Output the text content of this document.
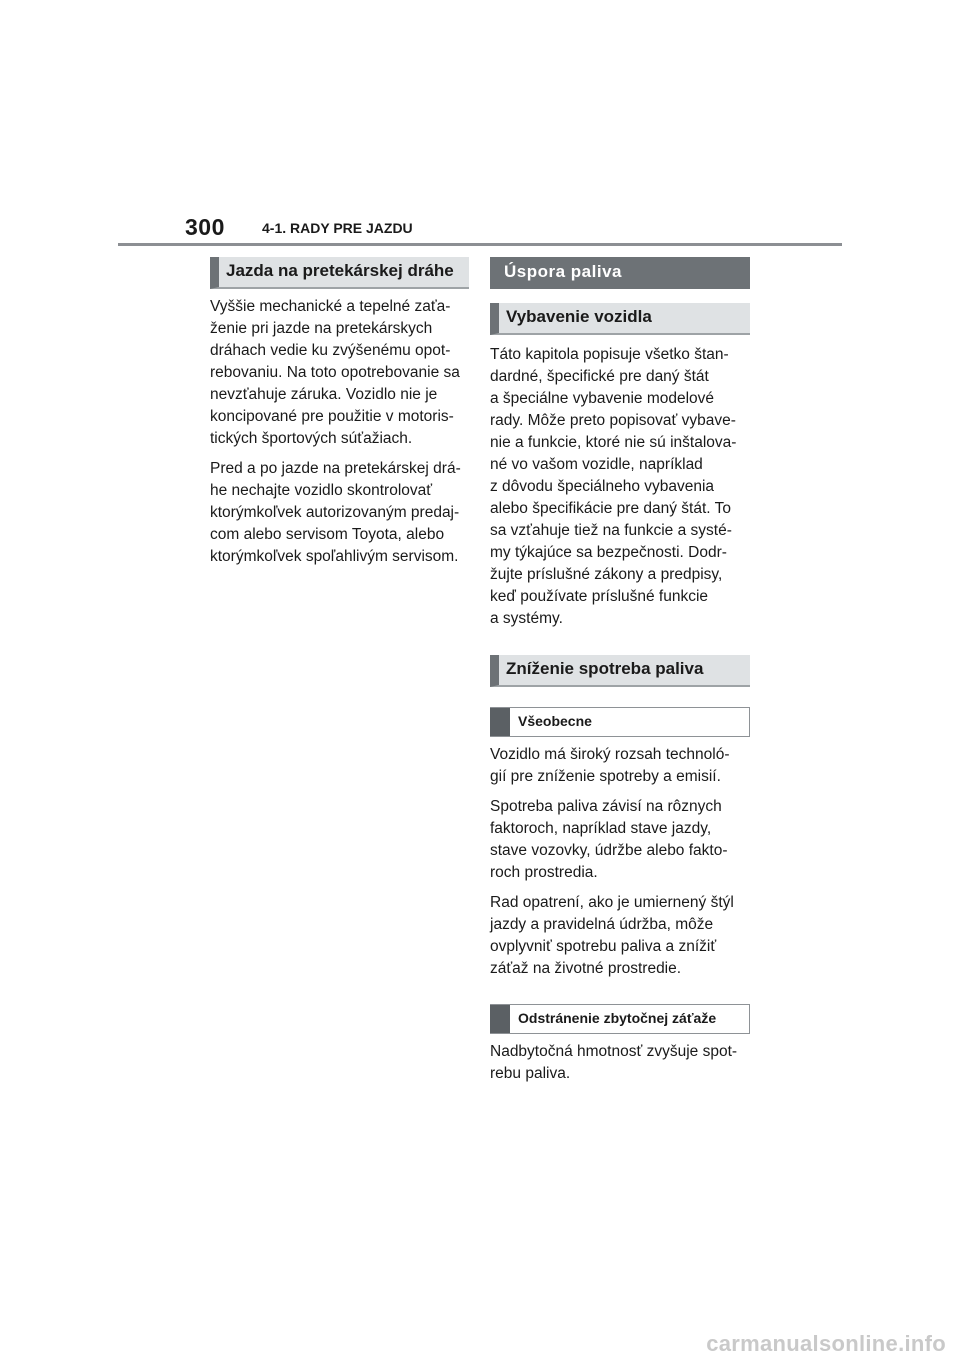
300	4-1. RADY PRE JAZDU
Jazda na pretekárskej dráhe

Vyššie mechanické a tepelné zaťa-
ženie pri jazde na pretekárskych
dráhach vedie ku zvýšenému opot-
rebovaniu. Na toto opotrebovanie sa
nevzťahuje záruka. Vozidlo nie je
koncipované pre použitie v motoris-
tických športových súťažiach.

Pred a po jazde na pretekárskej drá-
he nechajte vozidlo skontrolovať
ktorýmkoľvek autorizovaným predaj-
com alebo servisom Toyota, alebo
ktorýmkoľvek spoľahlivým servisom.

Úspora paliva
Vybavenie vozidla

Táto kapitola popisuje všetko štan-
dardné, špecifické pre daný štát
a špeciálne vybavenie modelové
rady. Môže preto popisovať vybave-
nie a funkcie, ktoré nie sú inštalova-
né vo vašom vozidle, napríklad
z dôvodu špeciálneho vybavenia
alebo špecifikácie pre daný štát. To
sa vzťahuje tiež na funkcie a systé-
my týkajúce sa bezpečnosti. Dodr-
žujte príslušné zákony a predpisy,
keď používate príslušné funkcie
a systémy.

Zníženie spotreba paliva
Všeobecne

Vozidlo má široký rozsah technoló-
gií pre zníženie spotreby a emisií.

Spotreba paliva závisí na rôznych
faktoroch, napríklad stave jazdy,
stave vozovky, údržbe alebo fakto-
roch prostredia.

Rad opatrení, ako je umiernený štýl
jazdy a pravidelná údržba, môže
ovplyvniť spotrebu paliva a znížiť
záťaž na životné prostredie.

Odstránenie zbytočnej záťaže

Nadbytočná hmotnosť zvyšuje spot-
rebu paliva.

carmanualsonline.info
